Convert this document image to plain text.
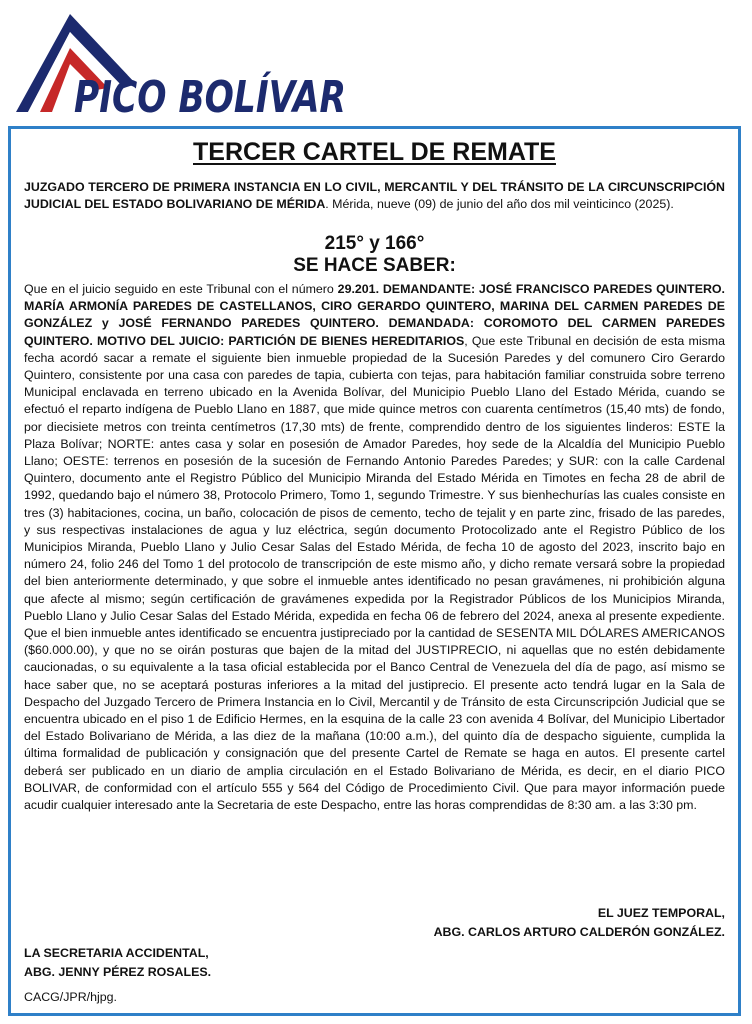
PICO BOLÍVAR
TERCER CARTEL DE REMATE
JUZGADO TERCERO DE PRIMERA INSTANCIA EN LO CIVIL, MERCANTIL Y DEL TRÁNSITO DE LA CIRCUNSCRIPCIÓN JUDICIAL DEL ESTADO BOLIVARIANO DE MÉRIDA. Mérida, nueve (09) de junio del año dos mil veinticinco (2025).
215° y 166°
SE HACE SABER:
Que en el juicio seguido en este Tribunal con el número 29.201. DEMANDANTE: JOSÉ FRANCISCO PAREDES QUINTERO. MARÍA ARMONÍA PAREDES DE CASTELLANOS, CIRO GERARDO QUINTERO, MARINA DEL CARMEN PAREDES DE GONZÁLEZ y JOSÉ FERNANDO PAREDES QUINTERO. DEMANDADA: COROMOTO DEL CARMEN PAREDES QUINTERO. MOTIVO DEL JUICIO: PARTICIÓN DE BIENES HEREDITARIOS, Que este Tribunal en decisión de esta misma fecha acordó sacar a remate el siguiente bien inmueble propiedad de la Sucesión Paredes y del comunero Ciro Gerardo Quintero, consistente por una casa con paredes de tapia, cubierta con tejas, para habitación familiar construida sobre terreno Municipal enclavada en terreno ubicado en la Avenida Bolívar, del Municipio Pueblo Llano del Estado Mérida, cuando se efectuó el reparto indígena de Pueblo Llano en 1887, que mide quince metros con cuarenta centímetros (15,40 mts) de fondo, por diecisiete metros con treinta centímetros (17,30 mts) de frente, comprendido dentro de los siguientes linderos: ESTE la Plaza Bolívar; NORTE: antes casa y solar en posesión de Amador Paredes, hoy sede de la Alcaldía del Municipio Pueblo Llano; OESTE: terrenos en posesión de la sucesión de Fernando Antonio Paredes Paredes; y SUR: con la calle Cardenal Quintero, documento ante el Registro Público del Municipio Miranda del Estado Mérida en Timotes en fecha 28 de abril de 1992, quedando bajo el número 38, Protocolo Primero, Tomo 1, segundo Trimestre. Y sus bienhechurías las cuales consiste en tres (3) habitaciones, cocina, un baño, colocación de pisos de cemento, techo de tejalit y en parte zinc, frisado de las paredes, y sus respectivas instalaciones de agua y luz eléctrica, según documento Protocolizado ante el Registro Público de los Municipios Miranda, Pueblo Llano y Julio Cesar Salas del Estado Mérida, de fecha 10 de agosto del 2023, inscrito bajo en número 24, folio 246 del Tomo 1 del protocolo de transcripción de este mismo año, y dicho remate versará sobre la propiedad del bien anteriormente determinado, y que sobre el inmueble antes identificado no pesan gravámenes, ni prohibición alguna que afecte al mismo; según certificación de gravámenes expedida por la Registrador Públicos de los Municipios Miranda, Pueblo Llano y Julio Cesar Salas del Estado Mérida, expedida en fecha 06 de febrero del 2024, anexa al presente expediente. Que el bien inmueble antes identificado se encuentra justipreciado por la cantidad de SESENTA MIL DÓLARES AMERICANOS ($60.000.00), y que no se oirán posturas que bajen de la mitad del JUSTIPRECIO, ni aquellas que no estén debidamente caucionadas, o su equivalente a la tasa oficial establecida por el Banco Central de Venezuela del día de pago, así mismo se hace saber que, no se aceptará posturas inferiores a la mitad del justiprecio. El presente acto tendrá lugar en la Sala de Despacho del Juzgado Tercero de Primera Instancia en lo Civil, Mercantil y de Tránsito de esta Circunscripción Judicial que se encuentra ubicado en el piso 1 de Edificio Hermes, en la esquina de la calle 23 con avenida 4 Bolívar, del Municipio Libertador del Estado Bolivariano de Mérida, a las diez de la mañana (10:00 a.m.), del quinto día de despacho siguiente, cumplida la última formalidad de publicación y consignación que del presente Cartel de Remate se haga en autos. El presente cartel deberá ser publicado en un diario de amplia circulación en el Estado Bolivariano de Mérida, es decir, en el diario PICO BOLIVAR, de conformidad con el artículo 555 y 564 del Código de Procedimiento Civil. Que para mayor información puede acudir cualquier interesado ante la Secretaria de este Despacho, entre las horas comprendidas de 8:30 am. a las 3:30 pm.
EL JUEZ TEMPORAL,
ABG. CARLOS ARTURO CALDERÓN GONZÁLEZ.
LA SECRETARIA ACCIDENTAL,
ABG. JENNY PÉREZ ROSALES.
CACG/JPR/hjpg.
